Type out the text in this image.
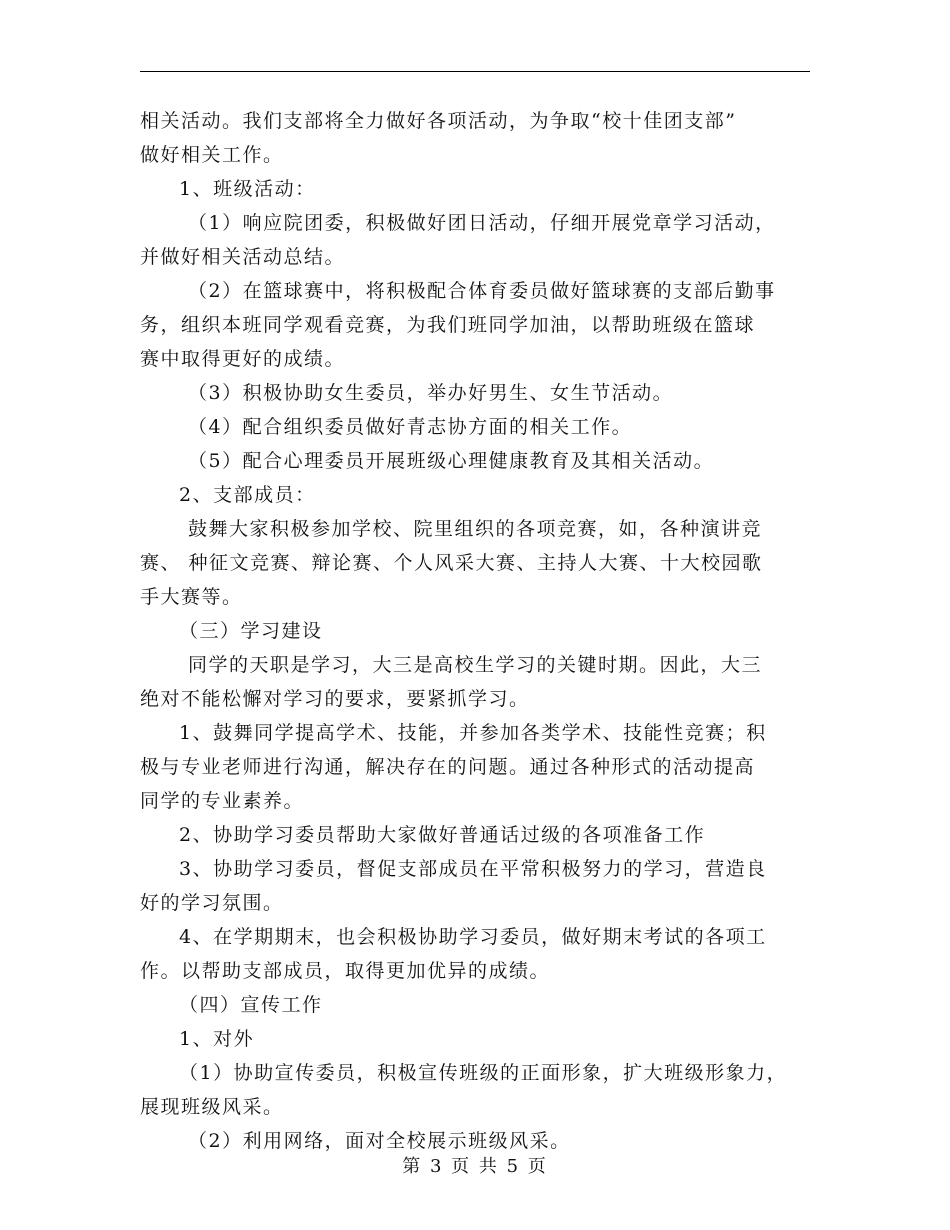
相关活动。我们支部将全力做好各项活动，为争取“校十佳团支部”
做好相关工作。
1、班级活动：
（1）响应院团委，积极做好团日活动，仔细开展党章学习活动，
并做好相关活动总结。
（2）在篮球赛中，将积极配合体育委员做好篮球赛的支部后勤事
务，组织本班同学观看竞赛，为我们班同学加油，以帮助班级在篮球
赛中取得更好的成绩。
（3）积极协助女生委员，举办好男生、女生节活动。
（4）配合组织委员做好青志协方面的相关工作。
（5）配合心理委员开展班级心理健康教育及其相关活动。
2、支部成员：
鼓舞大家积极参加学校、院里组织的各项竞赛，如，各种演讲竞
赛、 种征文竞赛、辩论赛、个人风采大赛、主持人大赛、十大校园歌
手大赛等。
（三）学习建设
同学的天职是学习，大三是高校生学习的关键时期。因此，大三
绝对不能松懈对学习的要求，要紧抓学习。
1、鼓舞同学提高学术、技能，并参加各类学术、技能性竞赛；积
极与专业老师进行沟通，解决存在的问题。通过各种形式的活动提高
同学的专业素养。
2、协助学习委员帮助大家做好普通话过级的各项准备工作
3、协助学习委员，督促支部成员在平常积极努力的学习，营造良
好的学习氛围。
4、在学期期末，也会积极协助学习委员，做好期末考试的各项工
作。以帮助支部成员，取得更加优异的成绩。
（四）宣传工作
1、对外
（1）协助宣传委员，积极宣传班级的正面形象，扩大班级形象力，
展现班级风采。
（2）利用网络，面对全校展示班级风采。
第 3 页 共 5 页
